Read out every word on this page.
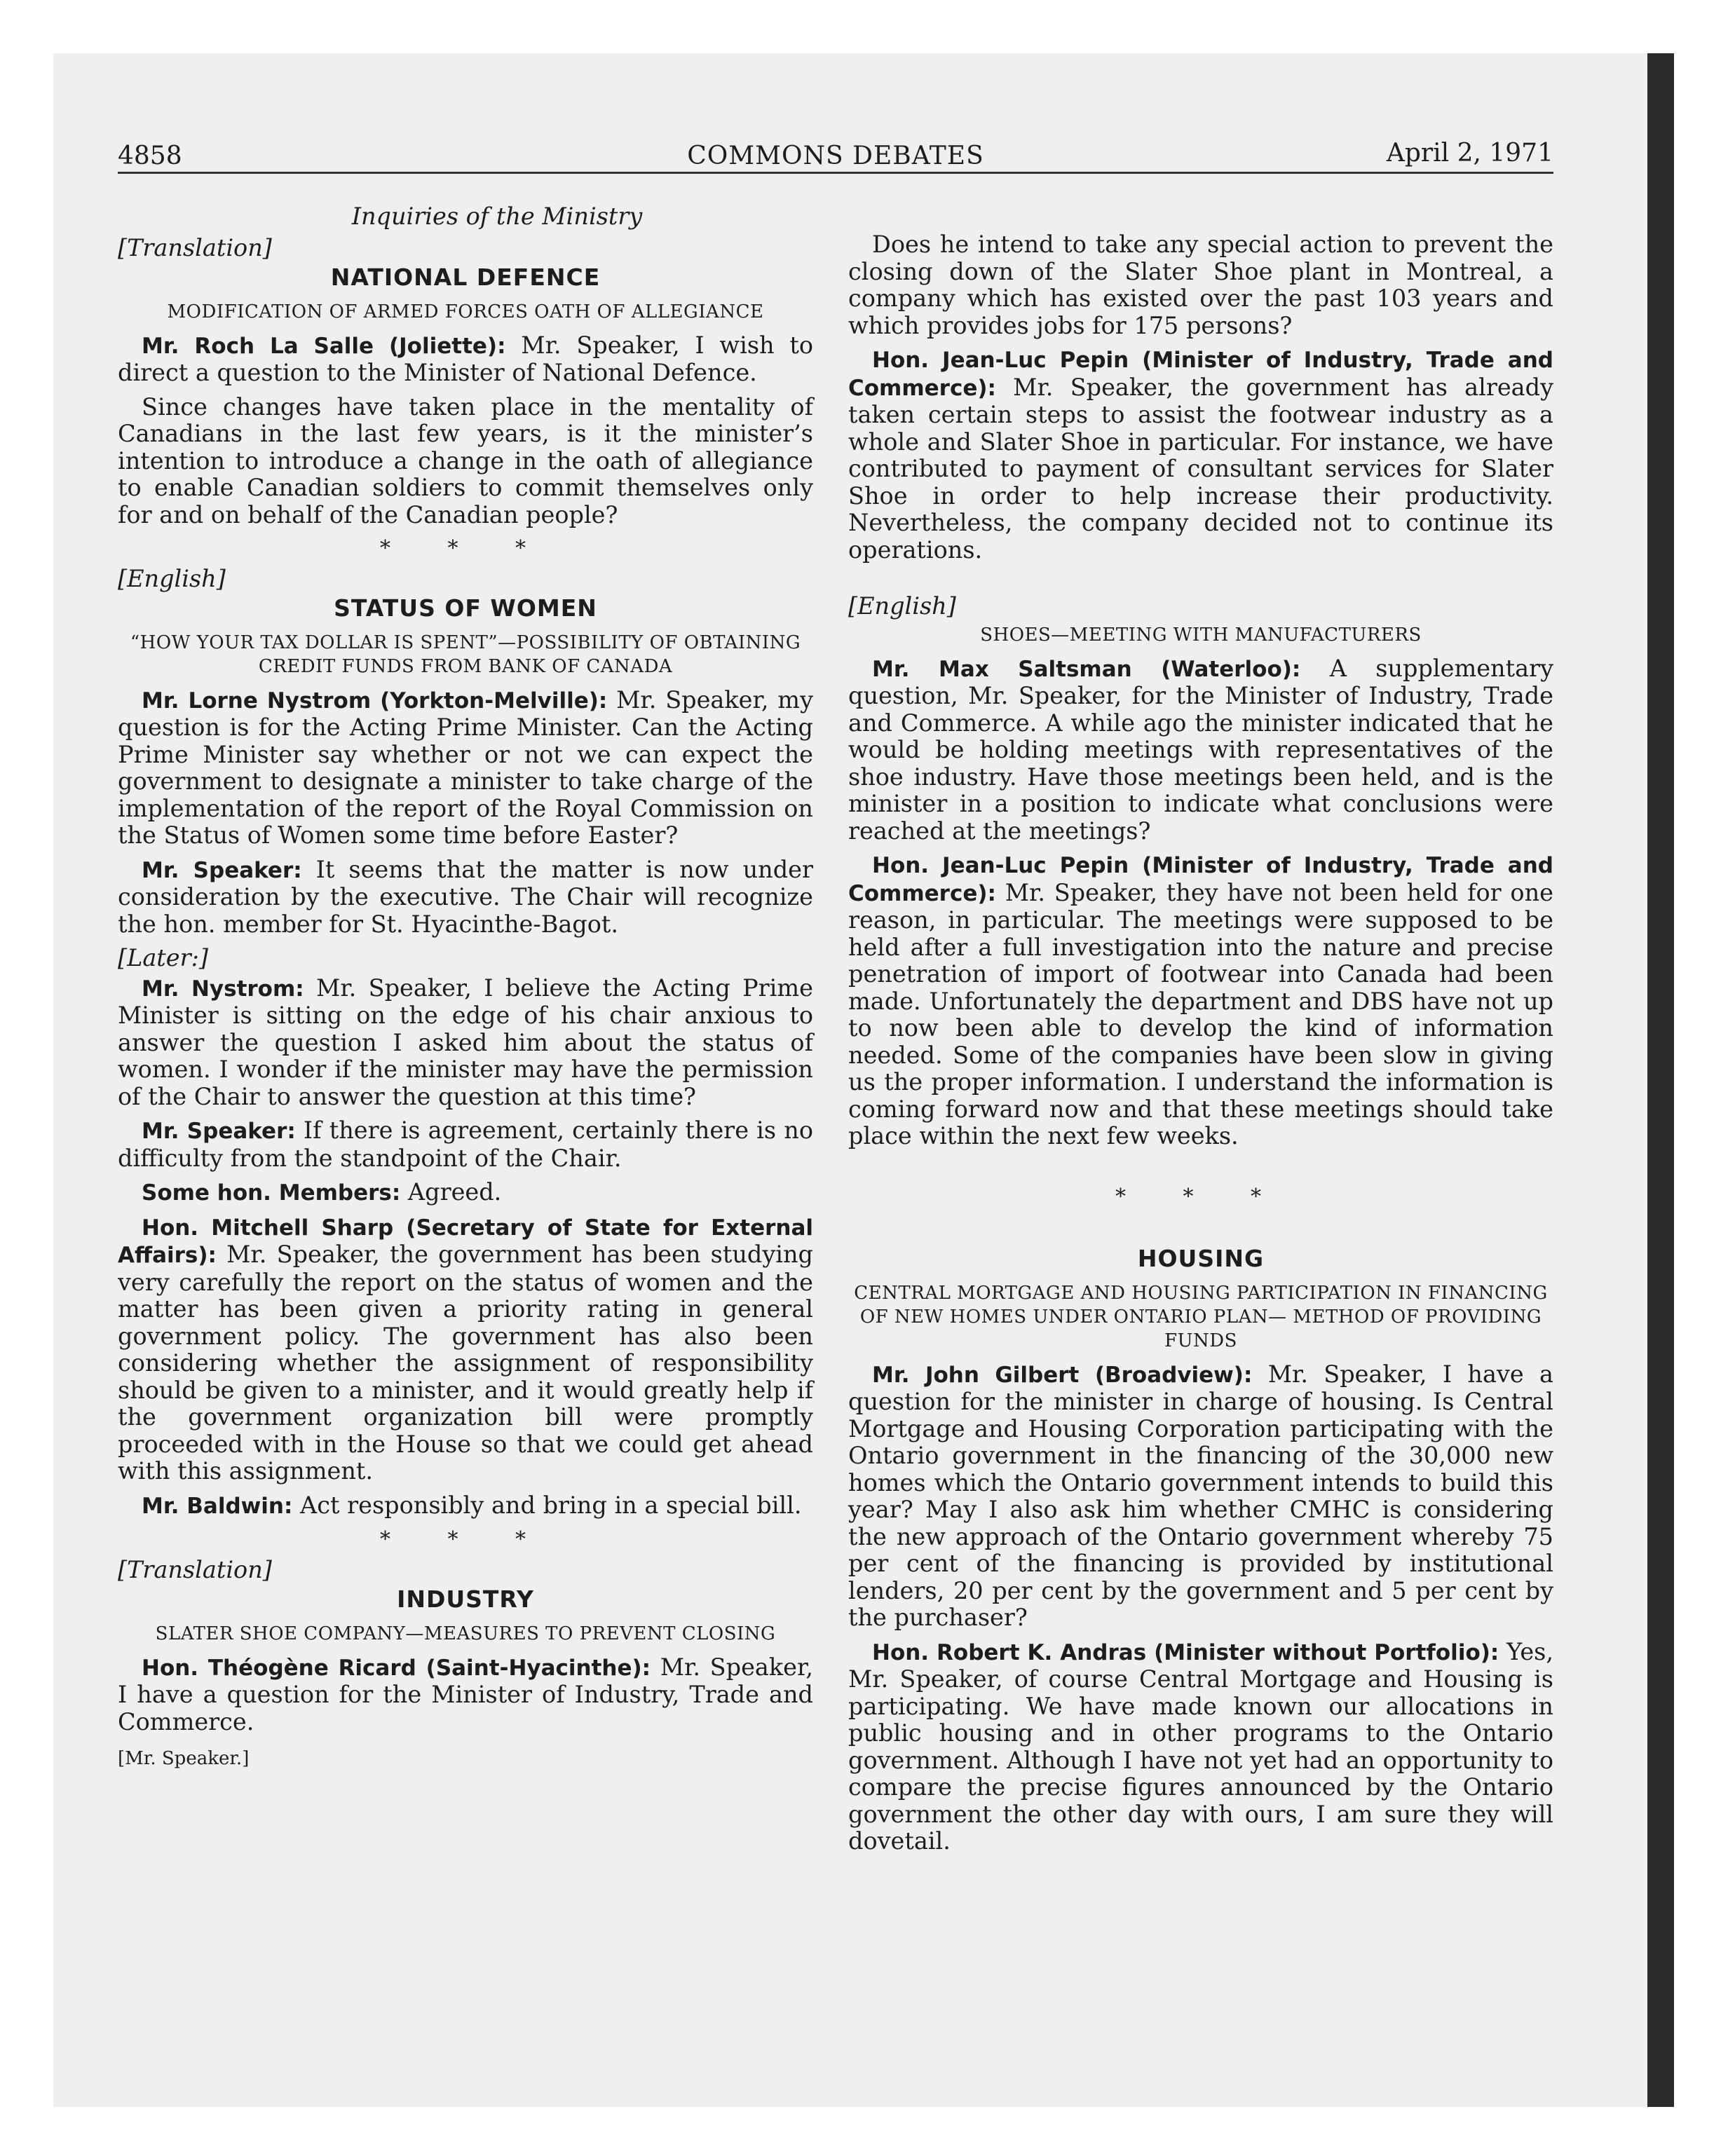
4858	COMMONS DEBATES	April 2, 1971
Inquiries of the Ministry
[Translation]
NATIONAL DEFENCE
MODIFICATION OF ARMED FORCES OATH OF ALLEGIANCE

Mr. Roch La Salle (Joliette): Mr. Speaker, I wish to direct a question to the Minister of National Defence.

Since changes have taken place in the mentality of Canadians in the last few years, is it the minister’s intention to introduce a change in the oath of allegiance to enable Canadian soldiers to commit themselves only for and on behalf of the Canadian people?

* * *
[English]
STATUS OF WOMEN
“HOW YOUR TAX DOLLAR IS SPENT”—POSSIBILITY OF OBTAINING CREDIT FUNDS FROM BANK OF CANADA

Mr. Lorne Nystrom (Yorkton-Melville): Mr. Speaker, my question is for the Acting Prime Minister. Can the Acting Prime Minister say whether or not we can expect the government to designate a minister to take charge of the implementation of the report of the Royal Commission on the Status of Women some time before Easter?

Mr. Speaker: It seems that the matter is now under consideration by the executive. The Chair will recognize the hon. member for St. Hyacinthe-Bagot.

[Later:]

Mr. Nystrom: Mr. Speaker, I believe the Acting Prime Minister is sitting on the edge of his chair anxious to answer the question I asked him about the status of women. I wonder if the minister may have the permission of the Chair to answer the question at this time?

Mr. Speaker: If there is agreement, certainly there is no difficulty from the standpoint of the Chair.

Some hon. Members: Agreed.

Hon. Mitchell Sharp (Secretary of State for External Affairs): Mr. Speaker, the government has been studying very carefully the report on the status of women and the matter has been given a priority rating in general government policy. The government has also been considering whether the assignment of responsibility should be given to a minister, and it would greatly help if the government organization bill were promptly proceeded with in the House so that we could get ahead with this assignment.

Mr. Baldwin: Act responsibly and bring in a special bill.

* * *
[Translation]
INDUSTRY
SLATER SHOE COMPANY—MEASURES TO PREVENT CLOSING

Hon. Théogène Ricard (Saint-Hyacinthe): Mr. Speaker, I have a question for the Minister of Industry, Trade and Commerce.

[Mr. Speaker.]

Does he intend to take any special action to prevent the closing down of the Slater Shoe plant in Montreal, a company which has existed over the past 103 years and which provides jobs for 175 persons?

Hon. Jean-Luc Pepin (Minister of Industry, Trade and Commerce): Mr. Speaker, the government has already taken certain steps to assist the footwear industry as a whole and Slater Shoe in particular. For instance, we have contributed to payment of consultant services for Slater Shoe in order to help increase their productivity. Nevertheless, the company decided not to continue its operations.

[English]
SHOES—MEETING WITH MANUFACTURERS

Mr. Max Saltsman (Waterloo): A supplementary question, Mr. Speaker, for the Minister of Industry, Trade and Commerce. A while ago the minister indicated that he would be holding meetings with representatives of the shoe industry. Have those meetings been held, and is the minister in a position to indicate what conclusions were reached at the meetings?

Hon. Jean-Luc Pepin (Minister of Industry, Trade and Commerce): Mr. Speaker, they have not been held for one reason, in particular. The meetings were supposed to be held after a full investigation into the nature and precise penetration of import of footwear into Canada had been made. Unfortunately the department and DBS have not up to now been able to develop the kind of information needed. Some of the companies have been slow in giving us the proper information. I understand the information is coming forward now and that these meetings should take place within the next few weeks.

* * *
HOUSING
CENTRAL MORTGAGE AND HOUSING PARTICIPATION IN FINANCING OF NEW HOMES UNDER ONTARIO PLAN— METHOD OF PROVIDING FUNDS

Mr. John Gilbert (Broadview): Mr. Speaker, I have a question for the minister in charge of housing. Is Central Mortgage and Housing Corporation participating with the Ontario government in the financing of the 30,000 new homes which the Ontario government intends to build this year? May I also ask him whether CMHC is considering the new approach of the Ontario government whereby 75 per cent of the financing is provided by institutional lenders, 20 per cent by the government and 5 per cent by the purchaser?

Hon. Robert K. Andras (Minister without Portfolio): Yes, Mr. Speaker, of course Central Mortgage and Housing is participating. We have made known our allocations in public housing and in other programs to the Ontario government. Although I have not yet had an opportunity to compare the precise figures announced by the Ontario government the other day with ours, I am sure they will dovetail.
